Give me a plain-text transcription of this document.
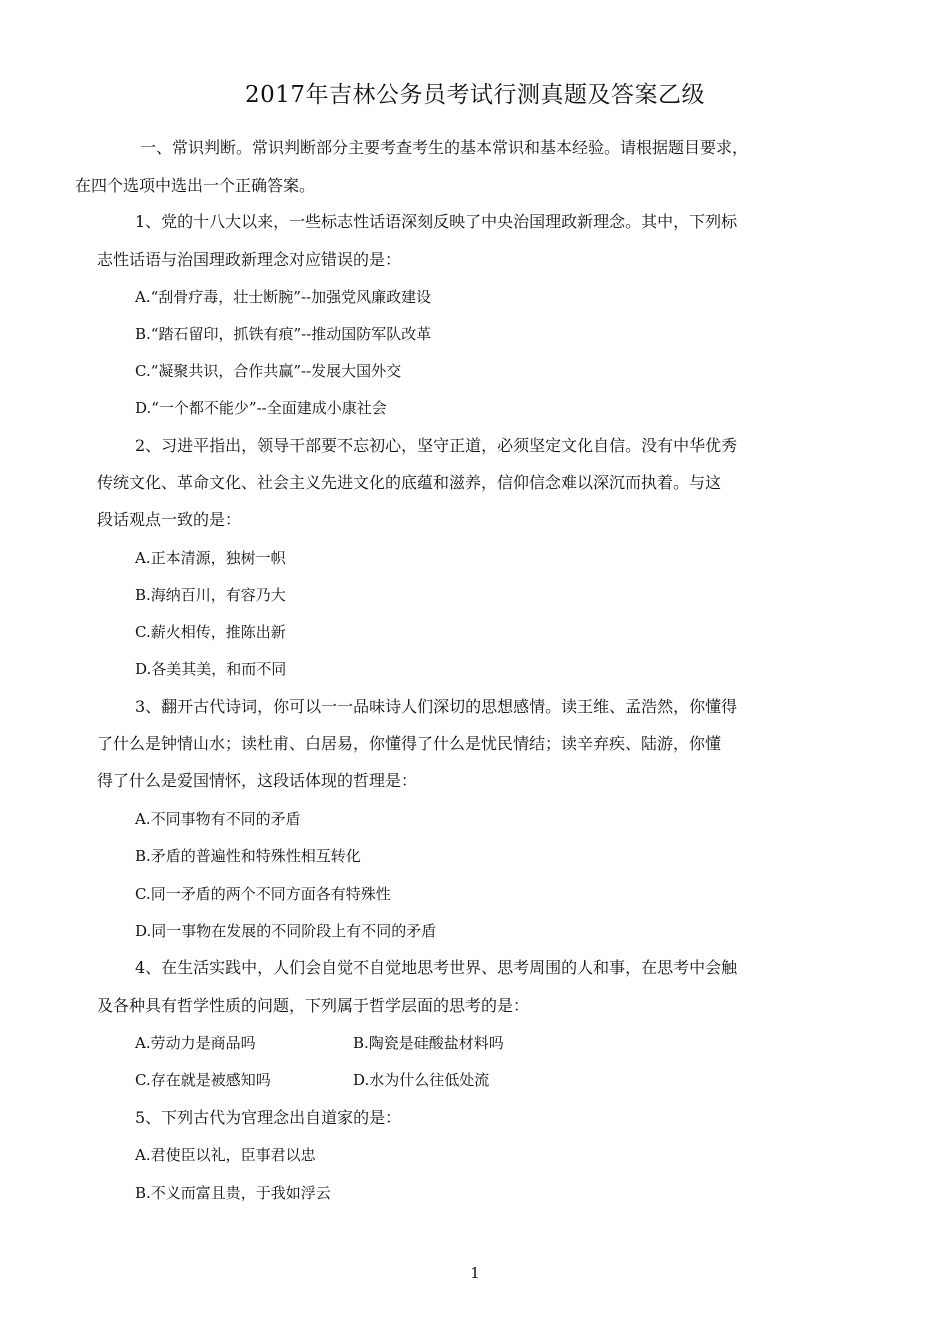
2017年吉林公务员考试行测真题及答案乙级
一、常识判断。常识判断部分主要考查考生的基本常识和基本经验。请根据题目要求，
在四个选项中选出一个正确答案。
1、党的十八大以来，一些标志性话语深刻反映了中央治国理政新理念。其中，下列标
志性话语与治国理政新理念对应错误的是：
A.“刮骨疗毒，壮士断腕”--加强党风廉政建设
B.“踏石留印，抓铁有痕”--推动国防军队改革
C.“凝聚共识，合作共赢”--发展大国外交
D.“一个都不能少”--全面建成小康社会
2、习进平指出，领导干部要不忘初心，坚守正道，必须坚定文化自信。没有中华优秀
传统文化、革命文化、社会主义先进文化的底蕴和滋养，信仰信念难以深沉而执着。与这
段话观点一致的是：
A.正本清源，独树一帜
B.海纳百川，有容乃大
C.薪火相传，推陈出新
D.各美其美，和而不同
3、翻开古代诗词，你可以一一品味诗人们深切的思想感情。读王维、孟浩然，你懂得
了什么是钟情山水；读杜甫、白居易，你懂得了什么是忧民情结；读辛弃疾、陆游，你懂
得了什么是爱国情怀，这段话体现的哲理是：
A.不同事物有不同的矛盾
B.矛盾的普遍性和特殊性相互转化
C.同一矛盾的两个不同方面各有特殊性
D.同一事物在发展的不同阶段上有不同的矛盾
4、在生活实践中，人们会自觉不自觉地思考世界、思考周围的人和事，在思考中会触
及各种具有哲学性质的问题，下列属于哲学层面的思考的是：
A.劳动力是商品吗	B.陶瓷是硅酸盐材料吗
C.存在就是被感知吗	D.水为什么往低处流
5、下列古代为官理念出自道家的是：
A.君使臣以礼，臣事君以忠
B.不义而富且贵，于我如浮云
1
